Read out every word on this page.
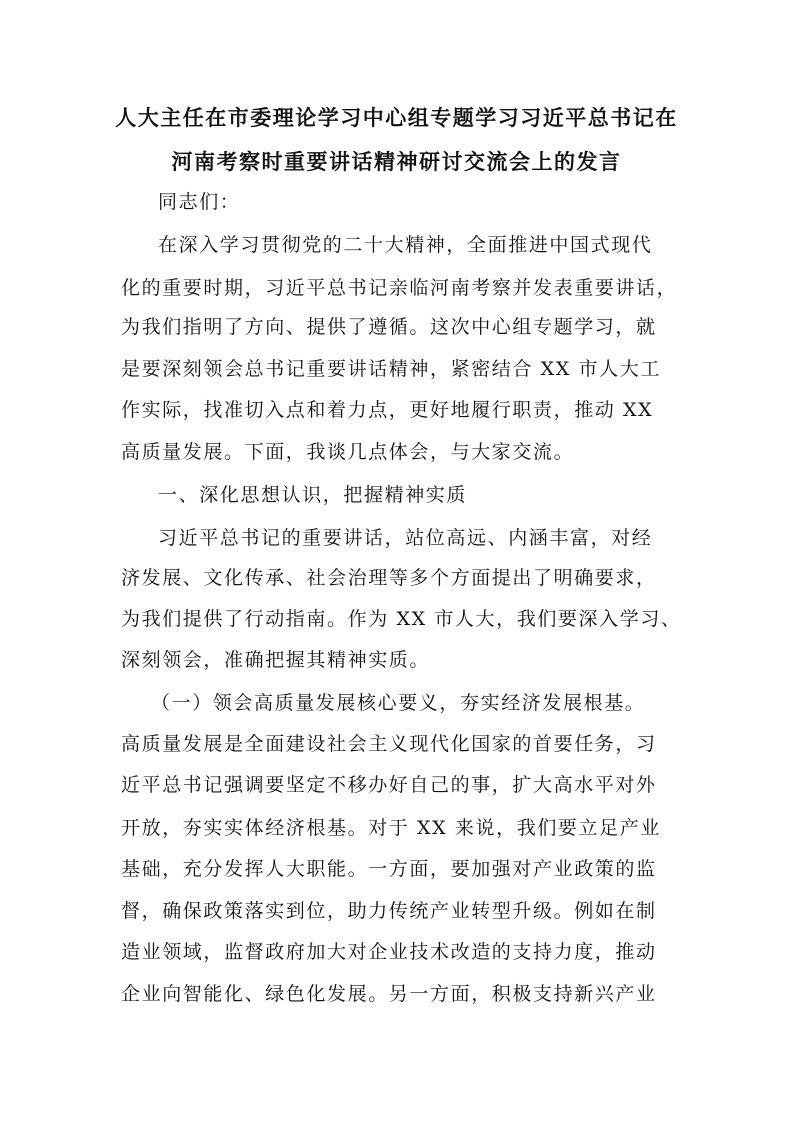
人大主任在市委理论学习中心组专题学习习近平总书记在
河南考察时重要讲话精神研讨交流会上的发言
同志们：
在深入学习贯彻党的二十大精神，全面推进中国式现代
化的重要时期，习近平总书记亲临河南考察并发表重要讲话，
为我们指明了方向、提供了遵循。这次中心组专题学习，就
是要深刻领会总书记重要讲话精神，紧密结合 XX 市人大工
作实际，找准切入点和着力点，更好地履行职责，推动 XX
高质量发展。下面，我谈几点体会，与大家交流。
一、深化思想认识，把握精神实质
习近平总书记的重要讲话，站位高远、内涵丰富，对经
济发展、文化传承、社会治理等多个方面提出了明确要求，
为我们提供了行动指南。作为 XX 市人大，我们要深入学习、
深刻领会，准确把握其精神实质。
（一）领会高质量发展核心要义，夯实经济发展根基。
高质量发展是全面建设社会主义现代化国家的首要任务，习
近平总书记强调要坚定不移办好自己的事，扩大高水平对外
开放，夯实实体经济根基。对于 XX 来说，我们要立足产业
基础，充分发挥人大职能。一方面，要加强对产业政策的监
督，确保政策落实到位，助力传统产业转型升级。例如在制
造业领域，监督政府加大对企业技术改造的支持力度，推动
企业向智能化、绿色化发展。另一方面，积极支持新兴产业
